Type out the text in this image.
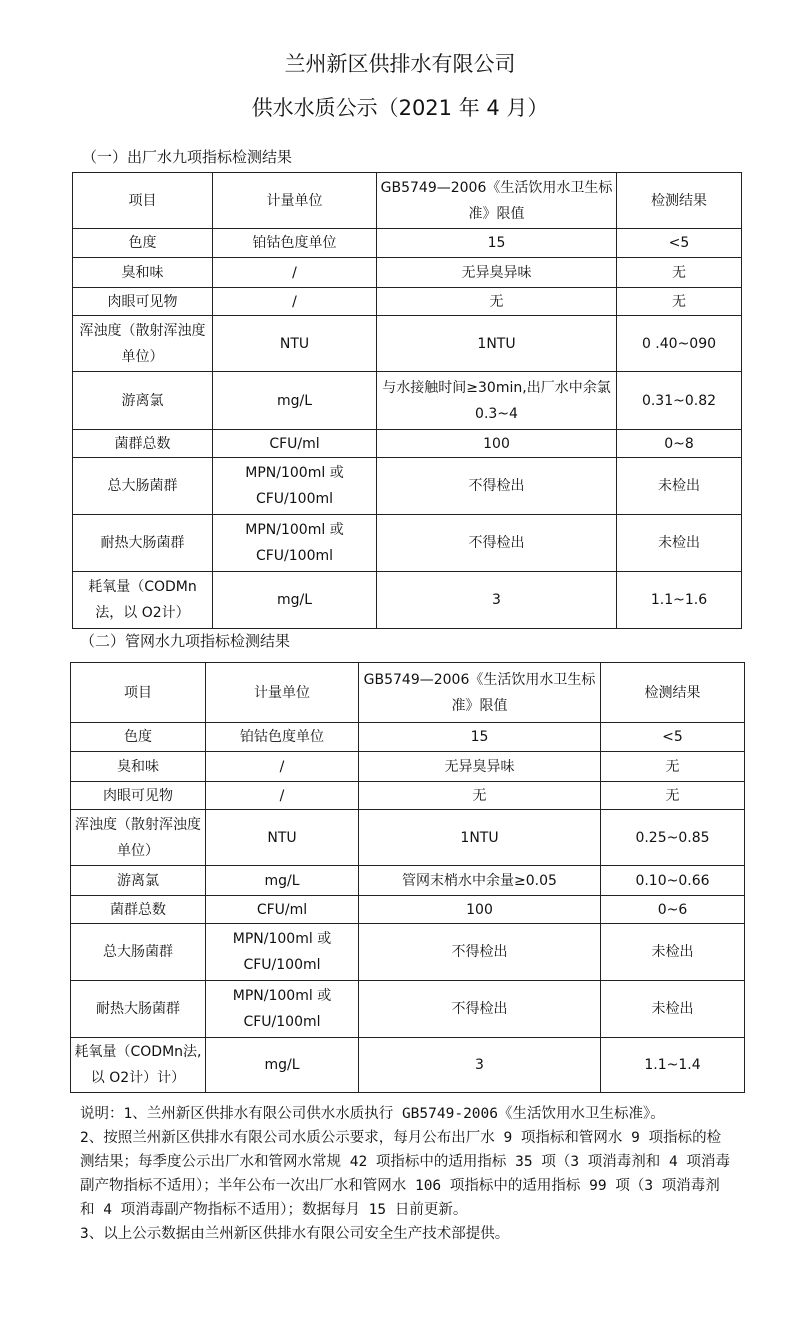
兰州新区供排水有限公司
供水水质公示（2021 年 4 月）
（一）出厂水九项指标检测结果
项目	计量单位	GB5749—2006《生活饮用水卫生标准》限值	检测结果
色度	铂钴色度单位	15	<5
臭和味	/	无异臭异味	无
肉眼可见物	/	无	无
浑浊度（散射浑浊度单位）	NTU	1NTU	0 .40~090
游离氯	mg/L	与水接触时间≥30min,出厂水中余氯 0.3~4	0.31~0.82
菌群总数	CFU/ml	100	0~8
总大肠菌群	MPN/100ml 或 CFU/100ml	不得检出	未检出
耐热大肠菌群	MPN/100ml 或 CFU/100ml	不得检出	未检出
耗氧量（CODMn法，以 O2计）	mg/L	3	1.1~1.6
（二）管网水九项指标检测结果
项目	计量单位	GB5749—2006《生活饮用水卫生标准》限值	检测结果
色度	铂钴色度单位	15	<5
臭和味	/	无异臭异味	无
肉眼可见物	/	无	无
浑浊度（散射浑浊度单位）	NTU	1NTU	0.25~0.85
游离氯	mg/L	管网末梢水中余量≥0.05	0.10~0.66
菌群总数	CFU/ml	100	0~6
总大肠菌群	MPN/100ml 或 CFU/100ml	不得检出	未检出
耐热大肠菌群	MPN/100ml 或 CFU/100ml	不得检出	未检出
耗氧量（CODMn法,以 O2计）计）	mg/L	3	1.1~1.4

说明：1、兰州新区供排水有限公司供水水质执行 GB5749-2006《生活饮用水卫生标准》。

2、按照兰州新区供排水有限公司水质公示要求，每月公布出厂水 9 项指标和管网水 9 项指标的检测结果；每季度公示出厂水和管网水常规 42 项指标中的适用指标 35 项（3 项消毒剂和 4 项消毒副产物指标不适用）；半年公布一次出厂水和管网水 106 项指标中的适用指标 99 项（3 项消毒剂和 4 项消毒副产物指标不适用）；数据每月 15 日前更新。

3、以上公示数据由兰州新区供排水有限公司安全生产技术部提供。
